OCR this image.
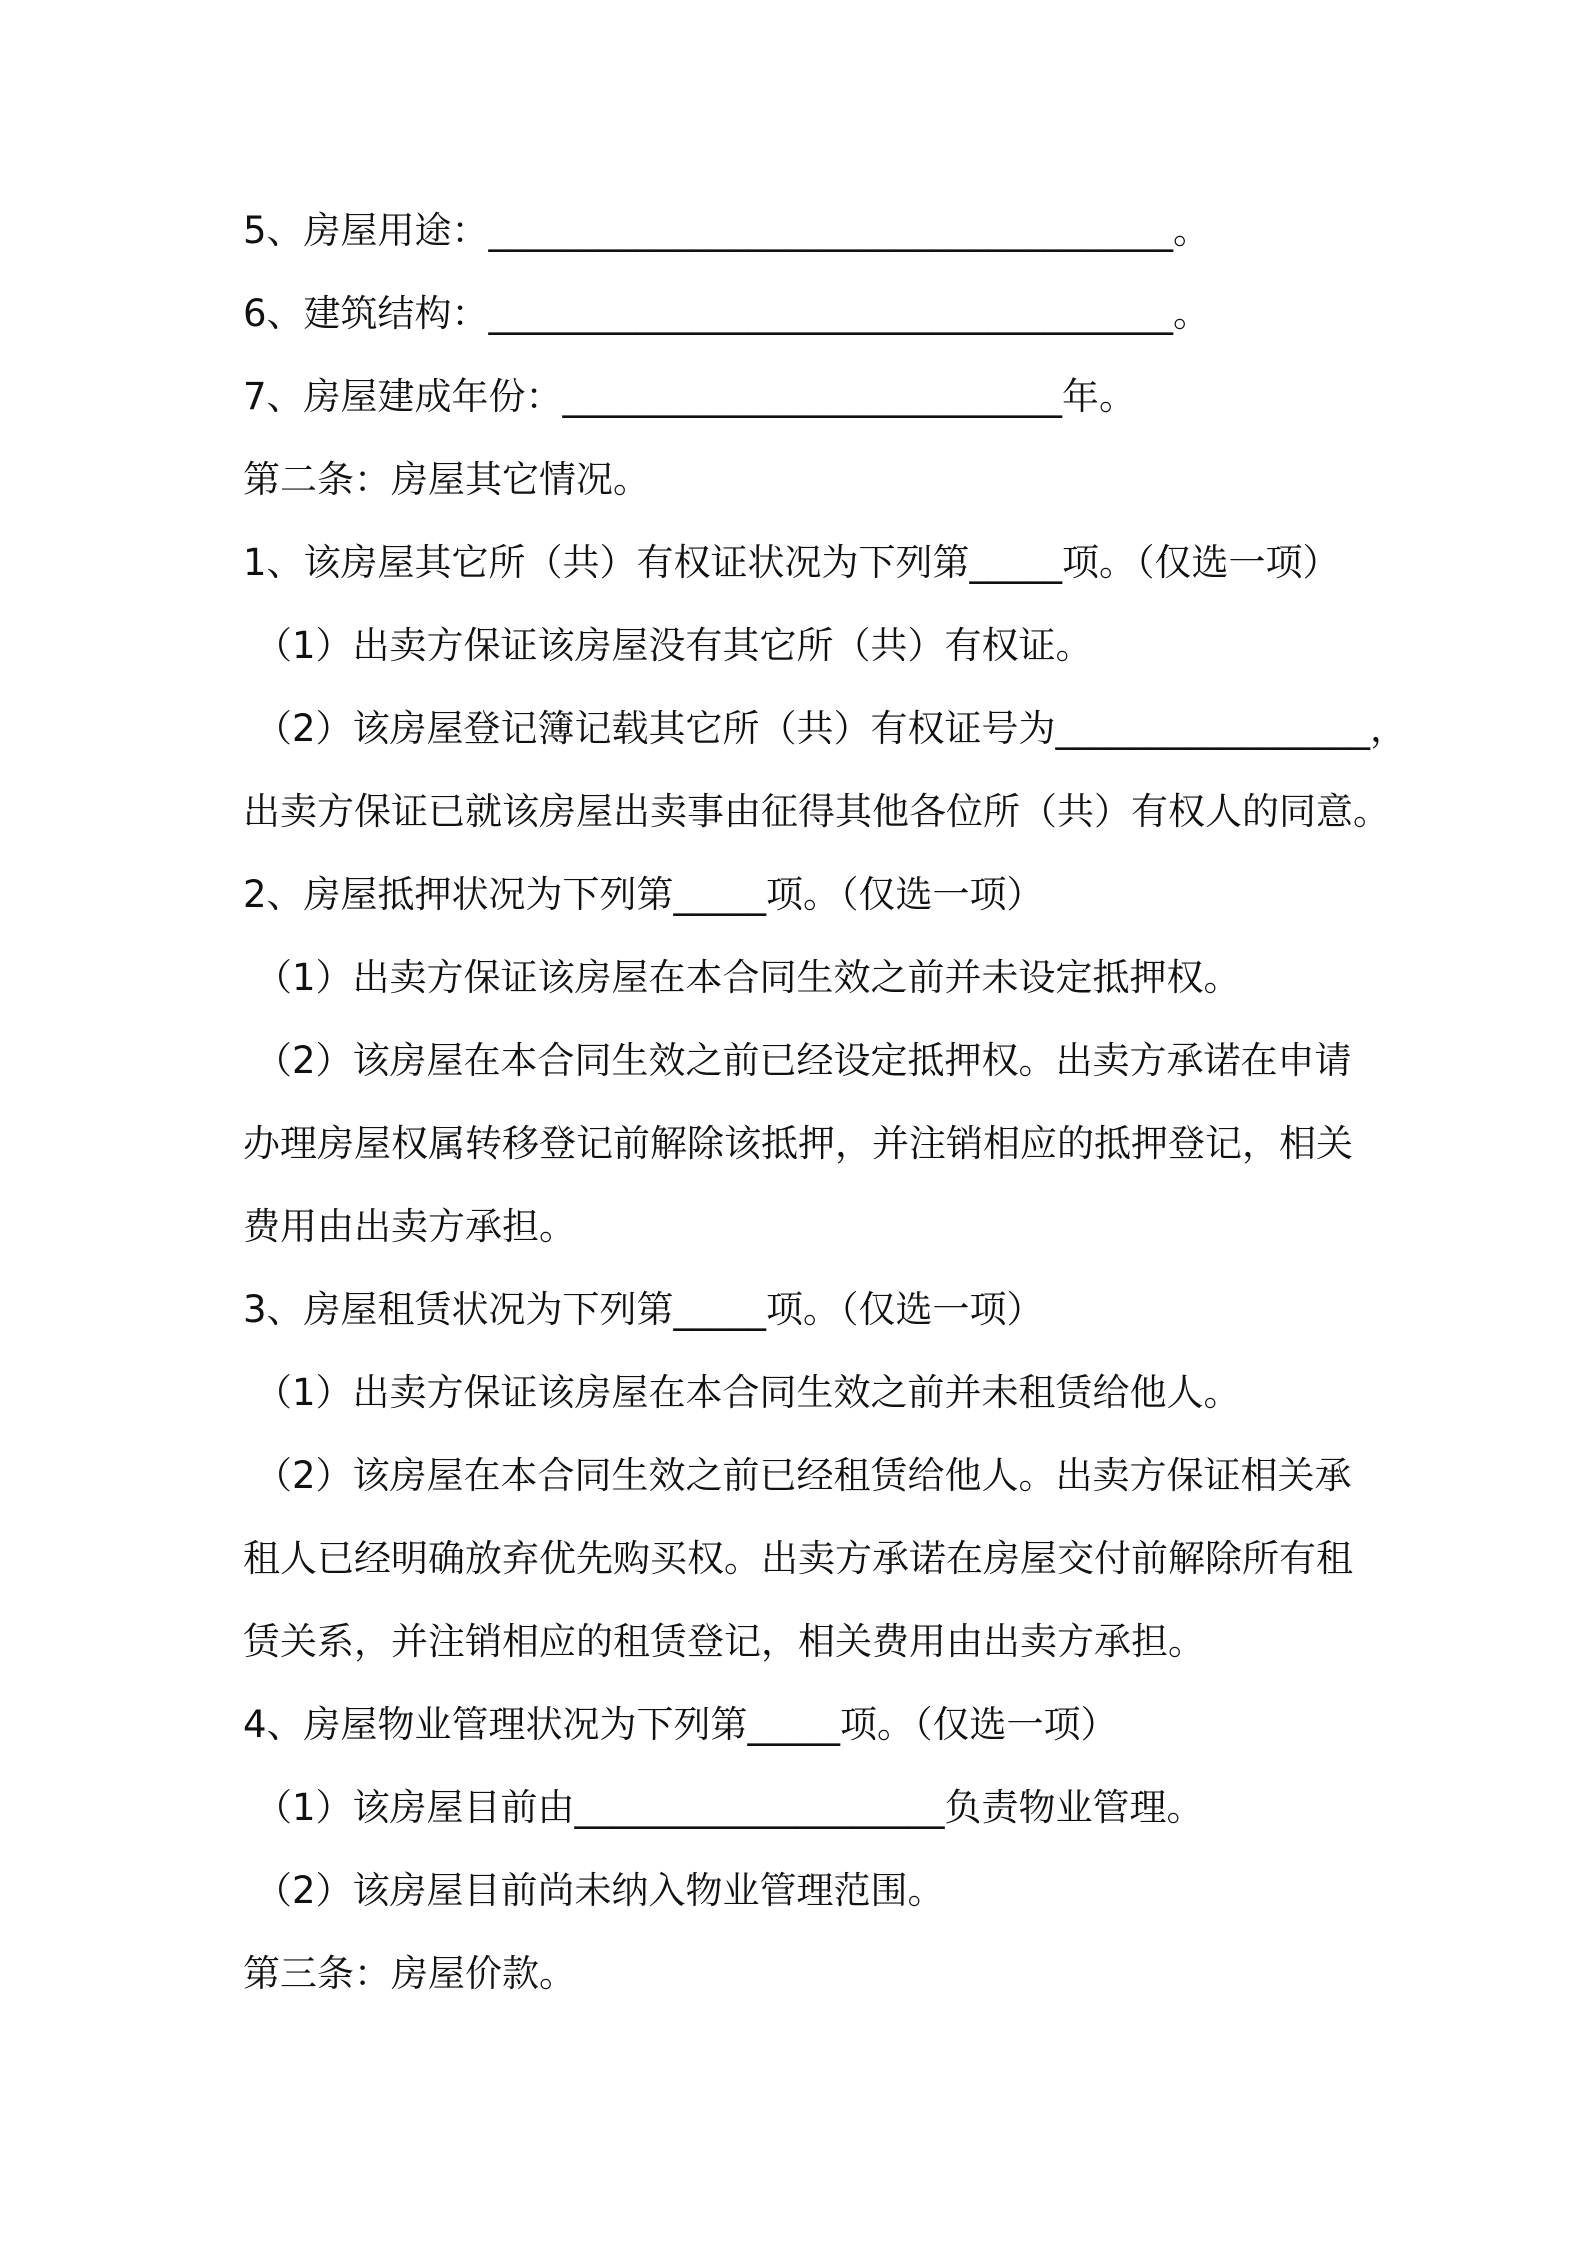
5、房屋用途：_____________________________________。
6、建筑结构：_____________________________________。
7、房屋建成年份：___________________________年。
第二条：房屋其它情况。
1、该房屋其它所（共）有权证状况为下列第_____项。（仅选一项）
（1）出卖方保证该房屋没有其它所（共）有权证。
（2）该房屋登记簿记载其它所（共）有权证号为_________________，
出卖方保证已就该房屋出卖事由征得其他各位所（共）有权人的同意。
2、房屋抵押状况为下列第_____项。（仅选一项）
（1）出卖方保证该房屋在本合同生效之前并未设定抵押权。
（2）该房屋在本合同生效之前已经设定抵押权。出卖方承诺在申请
办理房屋权属转移登记前解除该抵押，并注销相应的抵押登记，相关
费用由出卖方承担。
3、房屋租赁状况为下列第_____项。（仅选一项）
（1）出卖方保证该房屋在本合同生效之前并未租赁给他人。
（2）该房屋在本合同生效之前已经租赁给他人。出卖方保证相关承
租人已经明确放弃优先购买权。出卖方承诺在房屋交付前解除所有租
赁关系，并注销相应的租赁登记，相关费用由出卖方承担。
4、房屋物业管理状况为下列第_____项。（仅选一项）
（1）该房屋目前由____________________负责物业管理。
（2）该房屋目前尚未纳入物业管理范围。
第三条：房屋价款。
